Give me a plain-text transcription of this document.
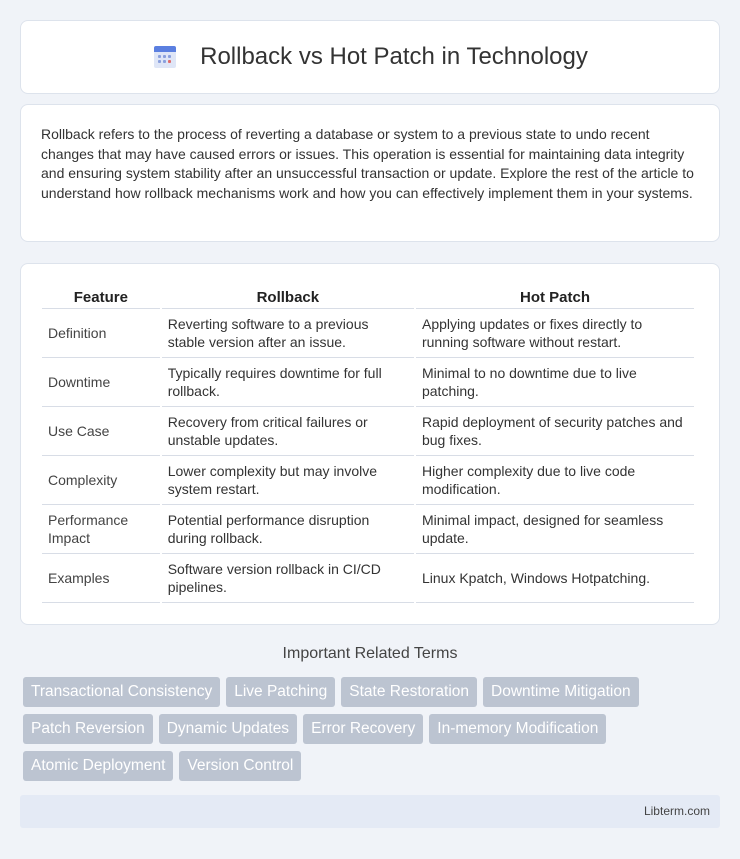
Rollback vs Hot Patch in Technology

Rollback refers to the process of reverting a database or system to a previous state to undo recent changes that may have caused errors or issues. This operation is essential for maintaining data integrity and ensuring system stability after an unsuccessful transaction or update. Explore the rest of the article to understand how rollback mechanisms work and how you can effectively implement them in your systems.

Feature	Rollback	Hot Patch
Definition	Reverting software to a previous stable version after an issue.	Applying updates or fixes directly to running software without restart.
Downtime	Typically requires downtime for full rollback.	Minimal to no downtime due to live patching.
Use Case	Recovery from critical failures or unstable updates.	Rapid deployment of security patches and bug fixes.
Complexity	Lower complexity but may involve system restart.	Higher complexity due to live code modification.
Performance Impact	Potential performance disruption during rollback.	Minimal impact, designed for seamless update.
Examples	Software version rollback in CI/CD pipelines.	Linux Kpatch, Windows Hotpatching.
Important Related Terms
Transactional Consistency	Live Patching	State Restoration	Downtime Mitigation
Patch Reversion	Dynamic Updates	Error Recovery	In-memory Modification
Atomic Deployment	Version Control
Libterm.com
